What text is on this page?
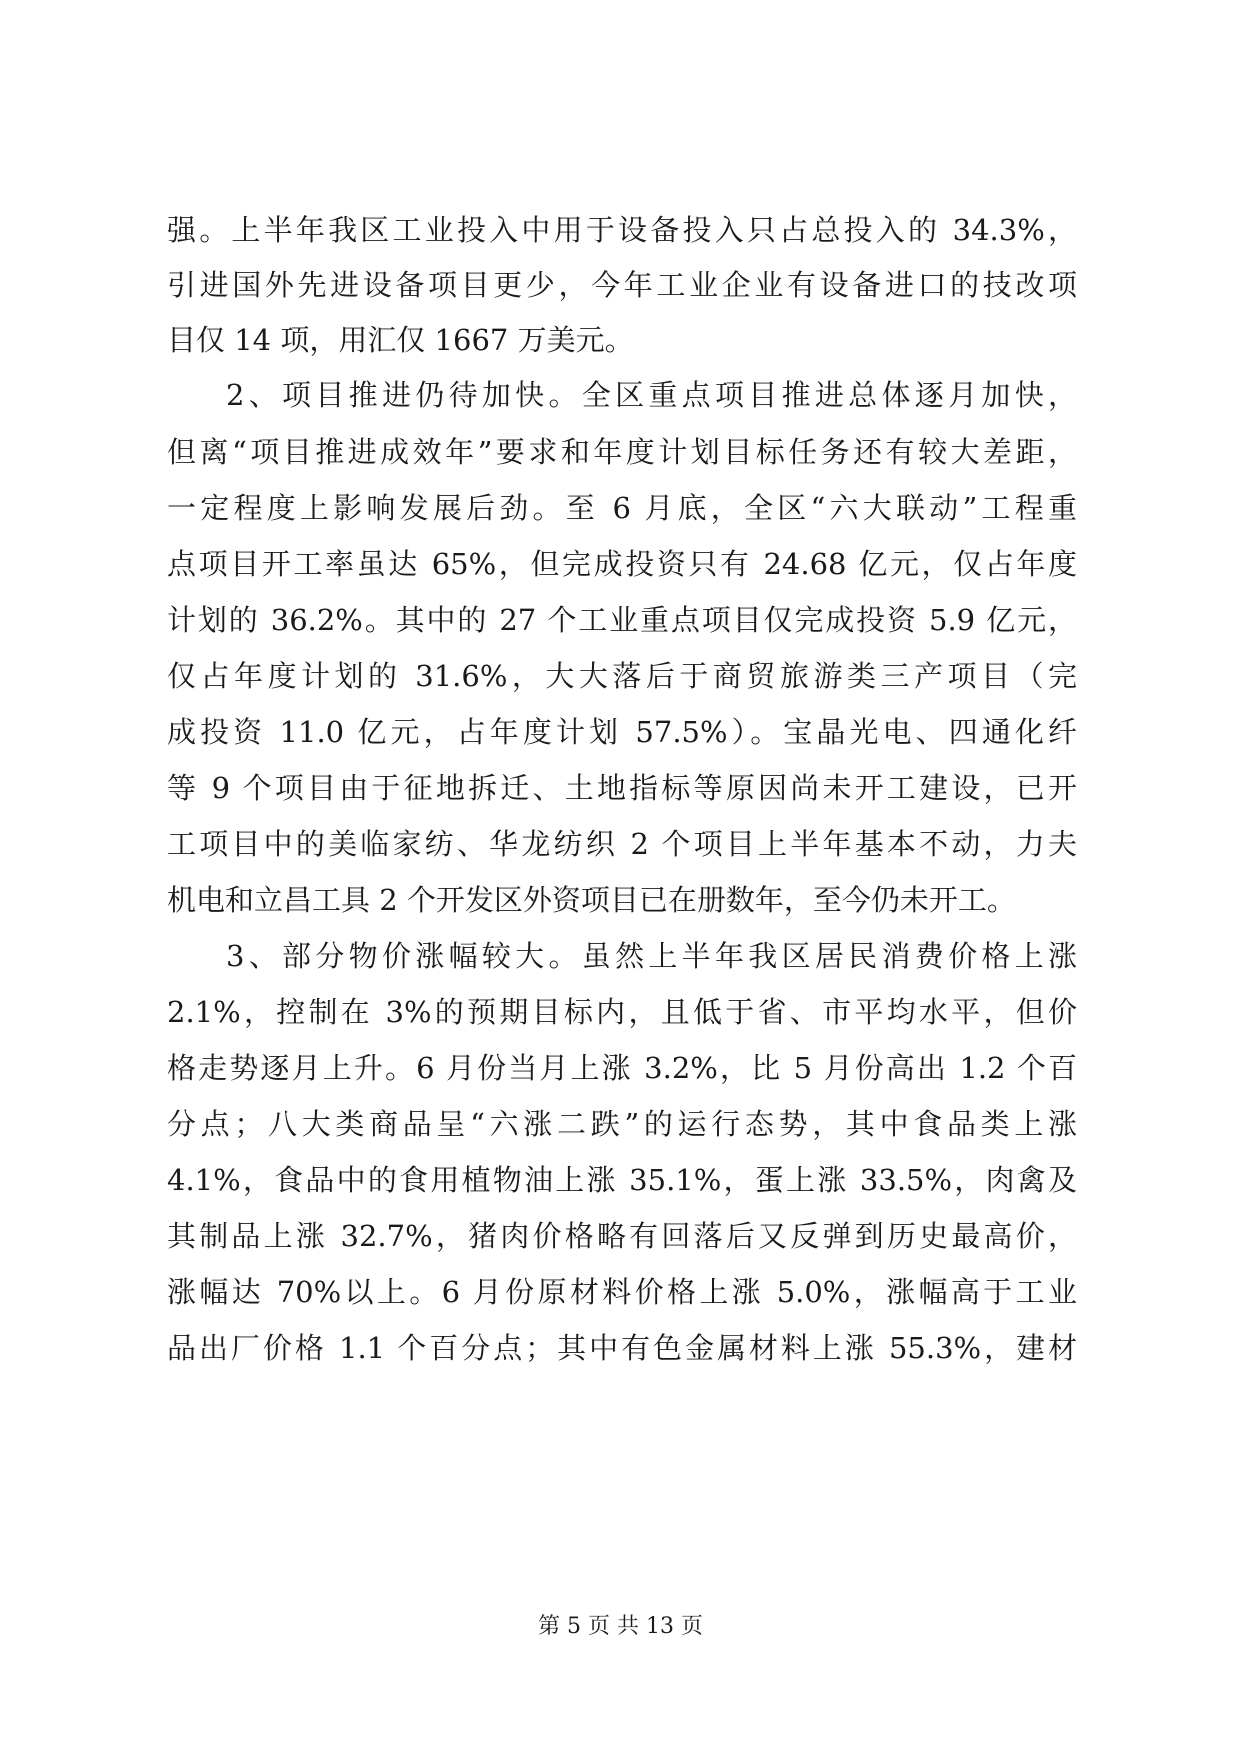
强。上半年我区工业投入中用于设备投入只占总投入的 34.3%，
引进国外先进设备项目更少，今年工业企业有设备进口的技改项
目仅 14 项，用汇仅 1667 万美元。
2、项目推进仍待加快。全区重点项目推进总体逐月加快，
但离“项目推进成效年”要求和年度计划目标任务还有较大差距，
一定程度上影响发展后劲。至 6 月底，全区“六大联动”工程重
点项目开工率虽达 65%，但完成投资只有 24.68 亿元，仅占年度
计划的 36.2%。其中的 27 个工业重点项目仅完成投资 5.9 亿元，
仅占年度计划的 31.6%，大大落后于商贸旅游类三产项目（完
成投资 11.0 亿元，占年度计划 57.5%）。宝晶光电、四通化纤
等 9 个项目由于征地拆迁、土地指标等原因尚未开工建设，已开
工项目中的美临家纺、华龙纺织 2 个项目上半年基本不动，力夫
机电和立昌工具 2 个开发区外资项目已在册数年，至今仍未开工。
3、部分物价涨幅较大。虽然上半年我区居民消费价格上涨
2.1%，控制在 3%的预期目标内，且低于省、市平均水平，但价
格走势逐月上升。6 月份当月上涨 3.2%，比 5 月份高出 1.2 个百
分点；八大类商品呈“六涨二跌”的运行态势，其中食品类上涨
4.1%，食品中的食用植物油上涨 35.1%，蛋上涨 33.5%，肉禽及
其制品上涨 32.7%，猪肉价格略有回落后又反弹到历史最高价，
涨幅达 70%以上。6 月份原材料价格上涨 5.0%，涨幅高于工业
品出厂价格 1.1 个百分点；其中有色金属材料上涨 55.3%，建材
第 5 页 共 13 页
